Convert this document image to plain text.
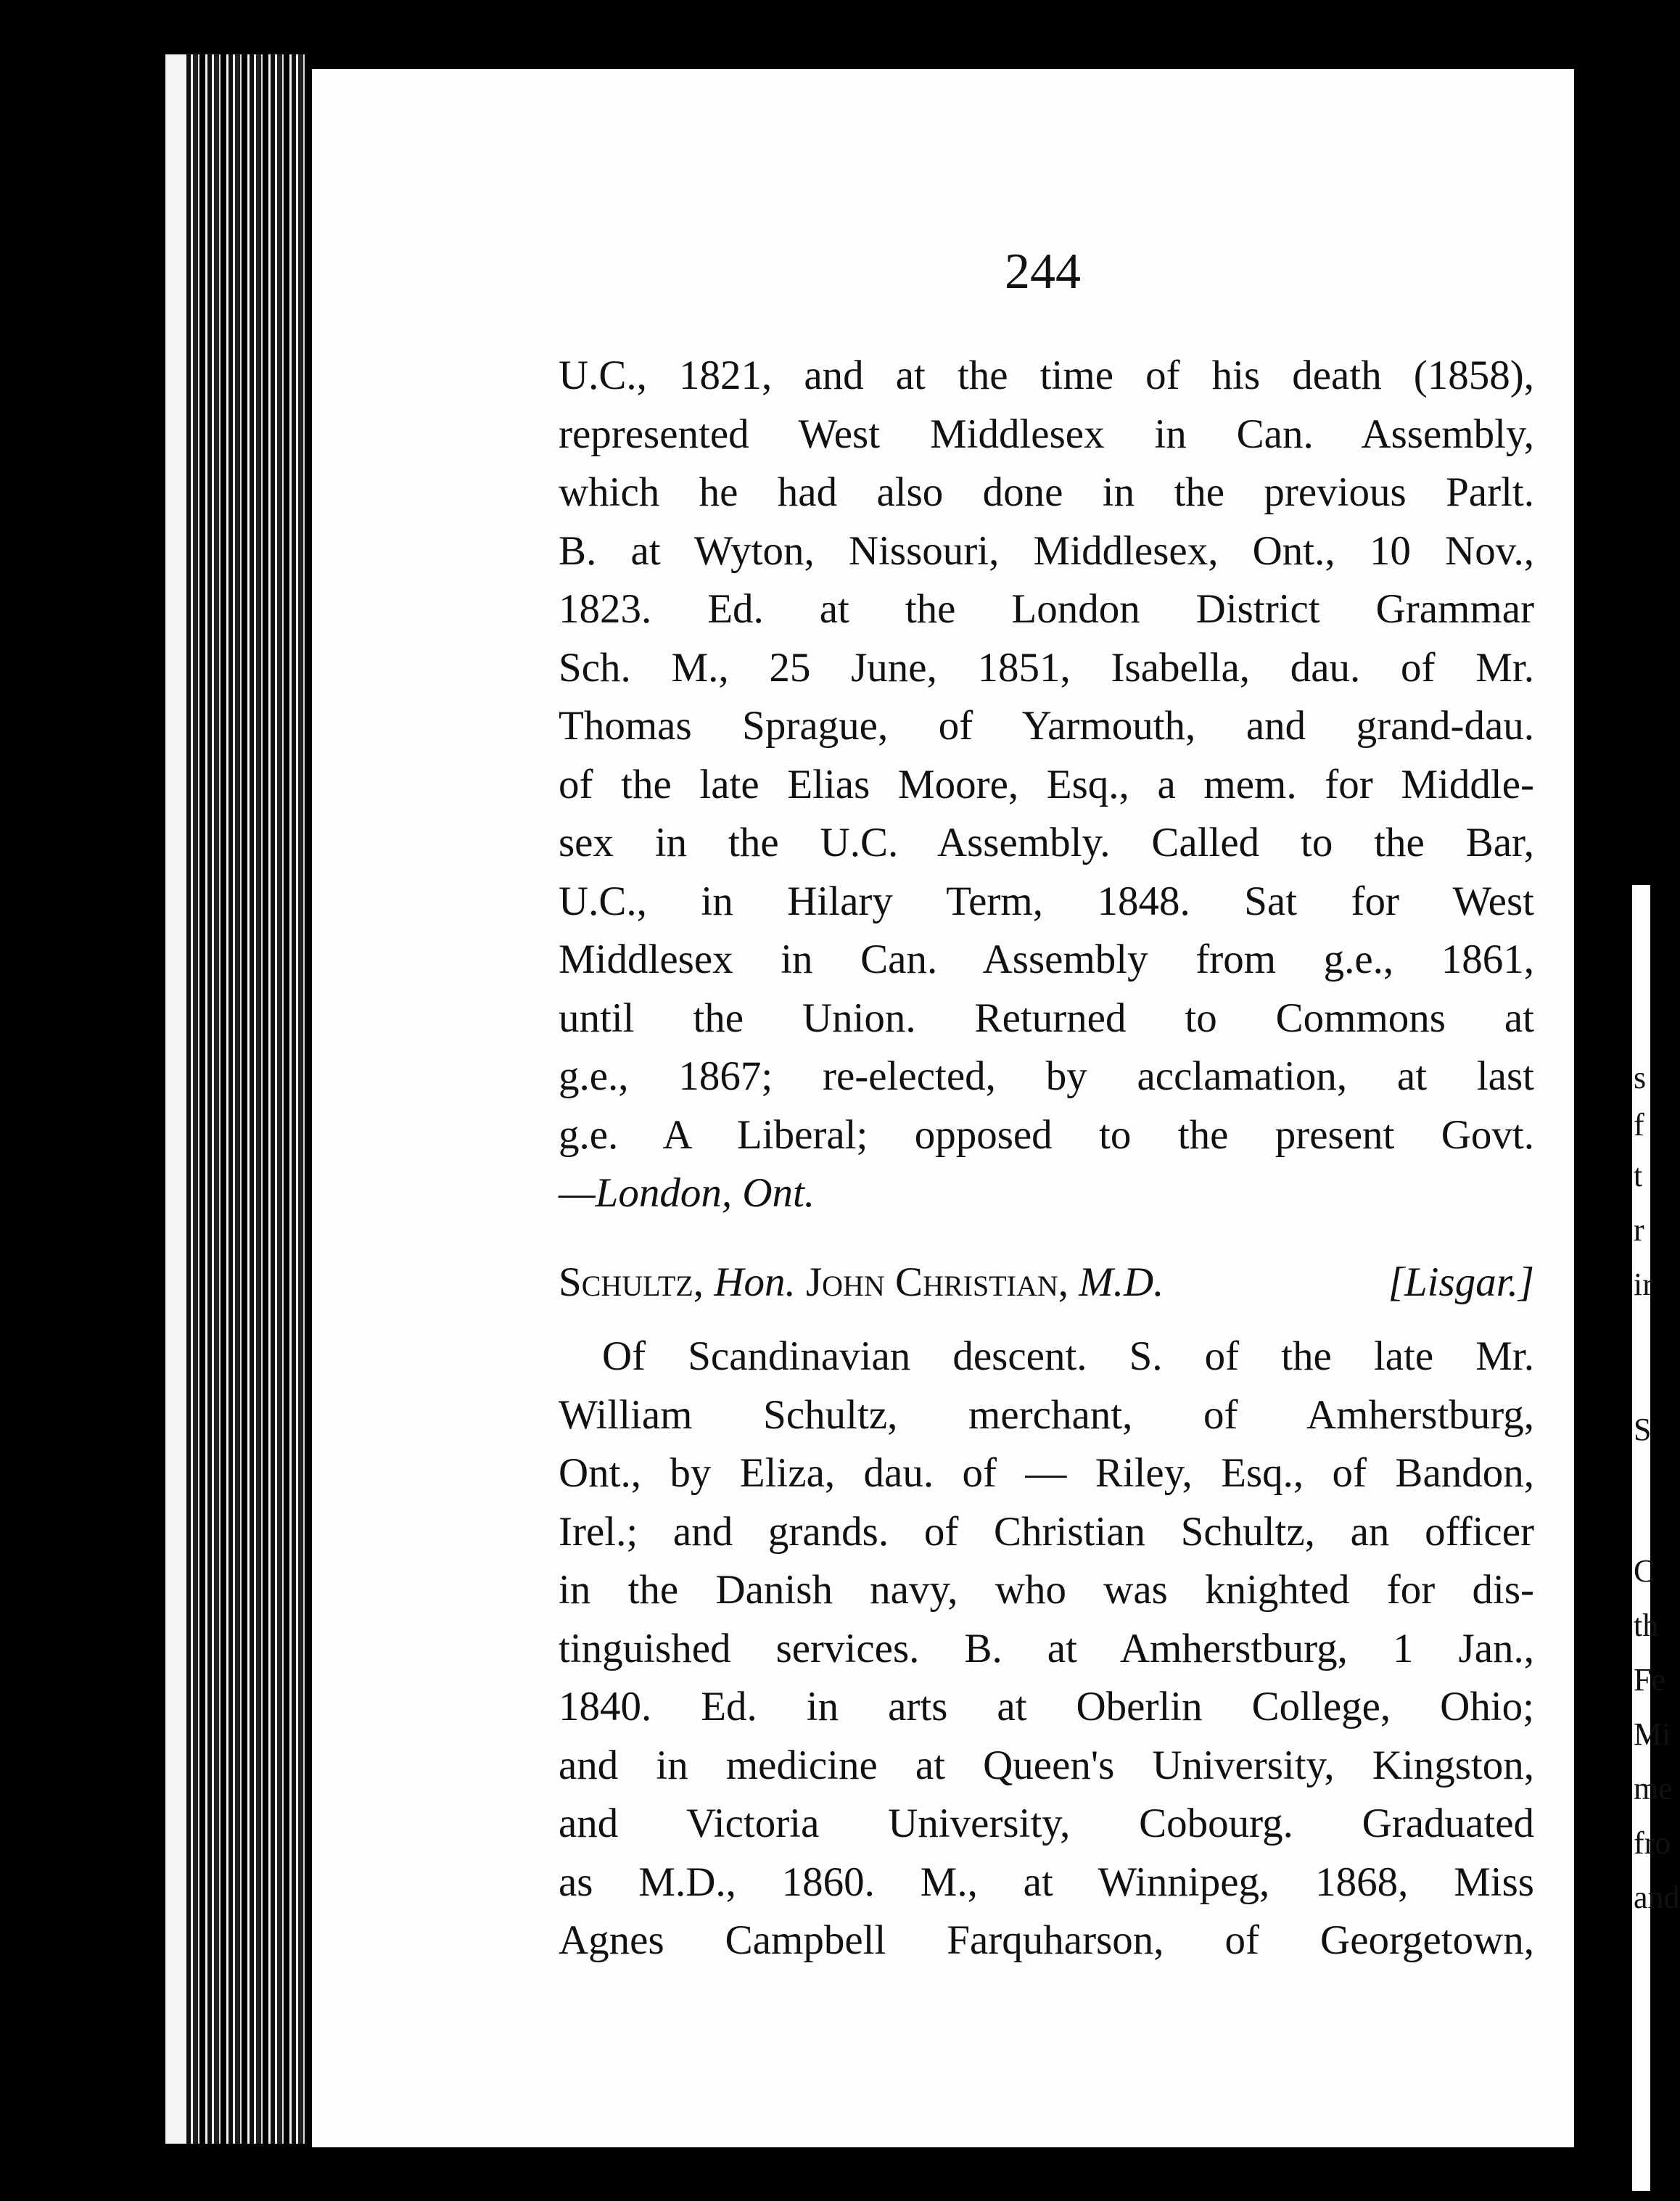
244
U.C., 1821, and at the time of his death (1858),
represented West Middlesex in Can. Assembly,
which he had also done in the previous Parlt.
B. at Wyton, Nissouri, Middlesex, Ont., 10 Nov.,
1823. Ed. at the London District Grammar
Sch. M., 25 June, 1851, Isabella, dau. of Mr.
Thomas Sprague, of Yarmouth, and grand-dau.
of the late Elias Moore, Esq., a mem. for Middle-
sex in the U.C. Assembly. Called to the Bar,
U.C., in Hilary Term, 1848. Sat for West
Middlesex in Can. Assembly from g.e., 1861,
until the Union. Returned to Commons at
g.e., 1867; re-elected, by acclamation, at last
g.e. A Liberal; opposed to the present Govt.
—London, Ont.
Schultz, Hon. John Christian, M.D.	[Lisgar.]
Of Scandinavian descent. S. of the late Mr.
William Schultz, merchant, of Amherstburg,
Ont., by Eliza, dau. of — Riley, Esq., of Bandon,
Irel.; and grands. of Christian Schultz, an officer
in the Danish navy, who was knighted for dis-
tinguished services. B. at Amherstburg, 1 Jan.,
1840. Ed. in arts at Oberlin College, Ohio;
and in medicine at Queen's University, Kingston,
and Victoria University, Cobourg. Graduated
as M.D., 1860. M., at Winnipeg, 1868, Miss
Agnes Campbell Farquharson, of Georgetown,
s
f
t
r
ir
S
C
th
Fe
Mi
me
fro
and
